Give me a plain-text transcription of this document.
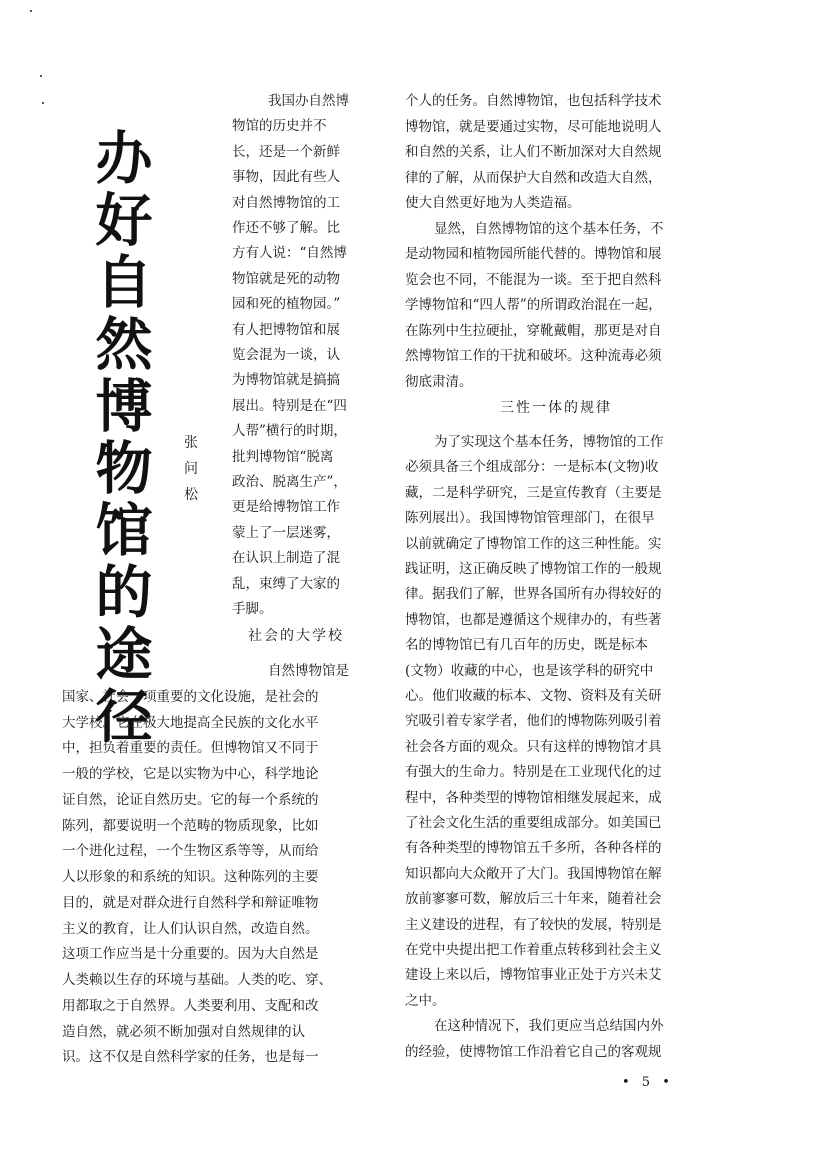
办
好
自
然
博
物
馆
的
途
径
张
问
松

我国办自然博

物馆的历史并不

长，还是一个新鲜

事物，因此有些人

对自然博物馆的工

作还不够了解。比

方有人说：“自然博

物馆就是死的动物

园和死的植物园。”

有人把博物馆和展

览会混为一谈，认

为博物馆就是搞搞

展出。特别是在“四

人帮”横行的时期，

批判博物馆“脱离

政治、脱离生产”，

更是给博物馆工作

蒙上了一层迷雾，

在认识上制造了混

乱，束缚了大家的

手脚。

社会的大学校

自然博物馆是

国家、社会一项重要的文化设施，是社会的

大学校。它在极大地提高全民族的文化水平

中，担负着重要的责任。但博物馆又不同于

一般的学校，它是以实物为中心，科学地论

证自然，论证自然历史。它的每一个系统的

陈列，都要说明一个范畴的物质现象，比如

一个进化过程，一个生物区系等等，从而给

人以形象的和系统的知识。这种陈列的主要

目的，就是对群众进行自然科学和辩证唯物

主义的教育，让人们认识自然，改造自然。

这项工作应当是十分重要的。因为大自然是

人类赖以生存的环境与基础。人类的吃、穿、

用都取之于自然界。人类要利用、支配和改

造自然，就必须不断加强对自然规律的认

识。这不仅是自然科学家的任务，也是每一

个人的任务。自然博物馆，也包括科学技术

博物馆，就是要通过实物，尽可能地说明人

和自然的关系，让人们不断加深对大自然规

律的了解，从而保护大自然和改造大自然，

使大自然更好地为人类造福。

显然，自然博物馆的这个基本任务，不

是动物园和植物园所能代替的。博物馆和展

览会也不同，不能混为一谈。至于把自然科

学博物馆和“四人帮”的所谓政治混在一起，

在陈列中生拉硬扯，穿靴戴帽，那更是对自

然博物馆工作的干扰和破坏。这种流毒必须

彻底肃清。

三性一体的规律

为了实现这个基本任务，博物馆的工作

必须具备三个组成部分：一是标本(文物)收

藏，二是科学研究，三是宣传教育（主要是

陈列展出）。我国博物馆管理部门，在很早

以前就确定了博物馆工作的这三种性能。实

践证明，这正确反映了博物馆工作的一般规

律。据我们了解，世界各国所有办得较好的

博物馆，也都是遵循这个规律办的，有些著

名的博物馆已有几百年的历史，既是标本

(文物）收藏的中心，也是该学科的研究中

心。他们收藏的标本、文物、资料及有关研

究吸引着专家学者，他们的博物陈列吸引着

社会各方面的观众。只有这样的博物馆才具

有强大的生命力。特别是在工业现代化的过

程中，各种类型的博物馆相继发展起来，成

了社会文化生活的重要组成部分。如美国已

有各种类型的博物馆五千多所，各种各样的

知识都向大众敞开了大门。我国博物馆在解

放前寥寥可数，解放后三十年来，随着社会

主义建设的进程，有了较快的发展，特别是

在党中央提出把工作着重点转移到社会主义

建设上来以后，博物馆事业正处于方兴未艾

之中。

在这种情况下，我们更应当总结国内外

的经验，使博物馆工作沿着它自己的客观规

• 5 •
